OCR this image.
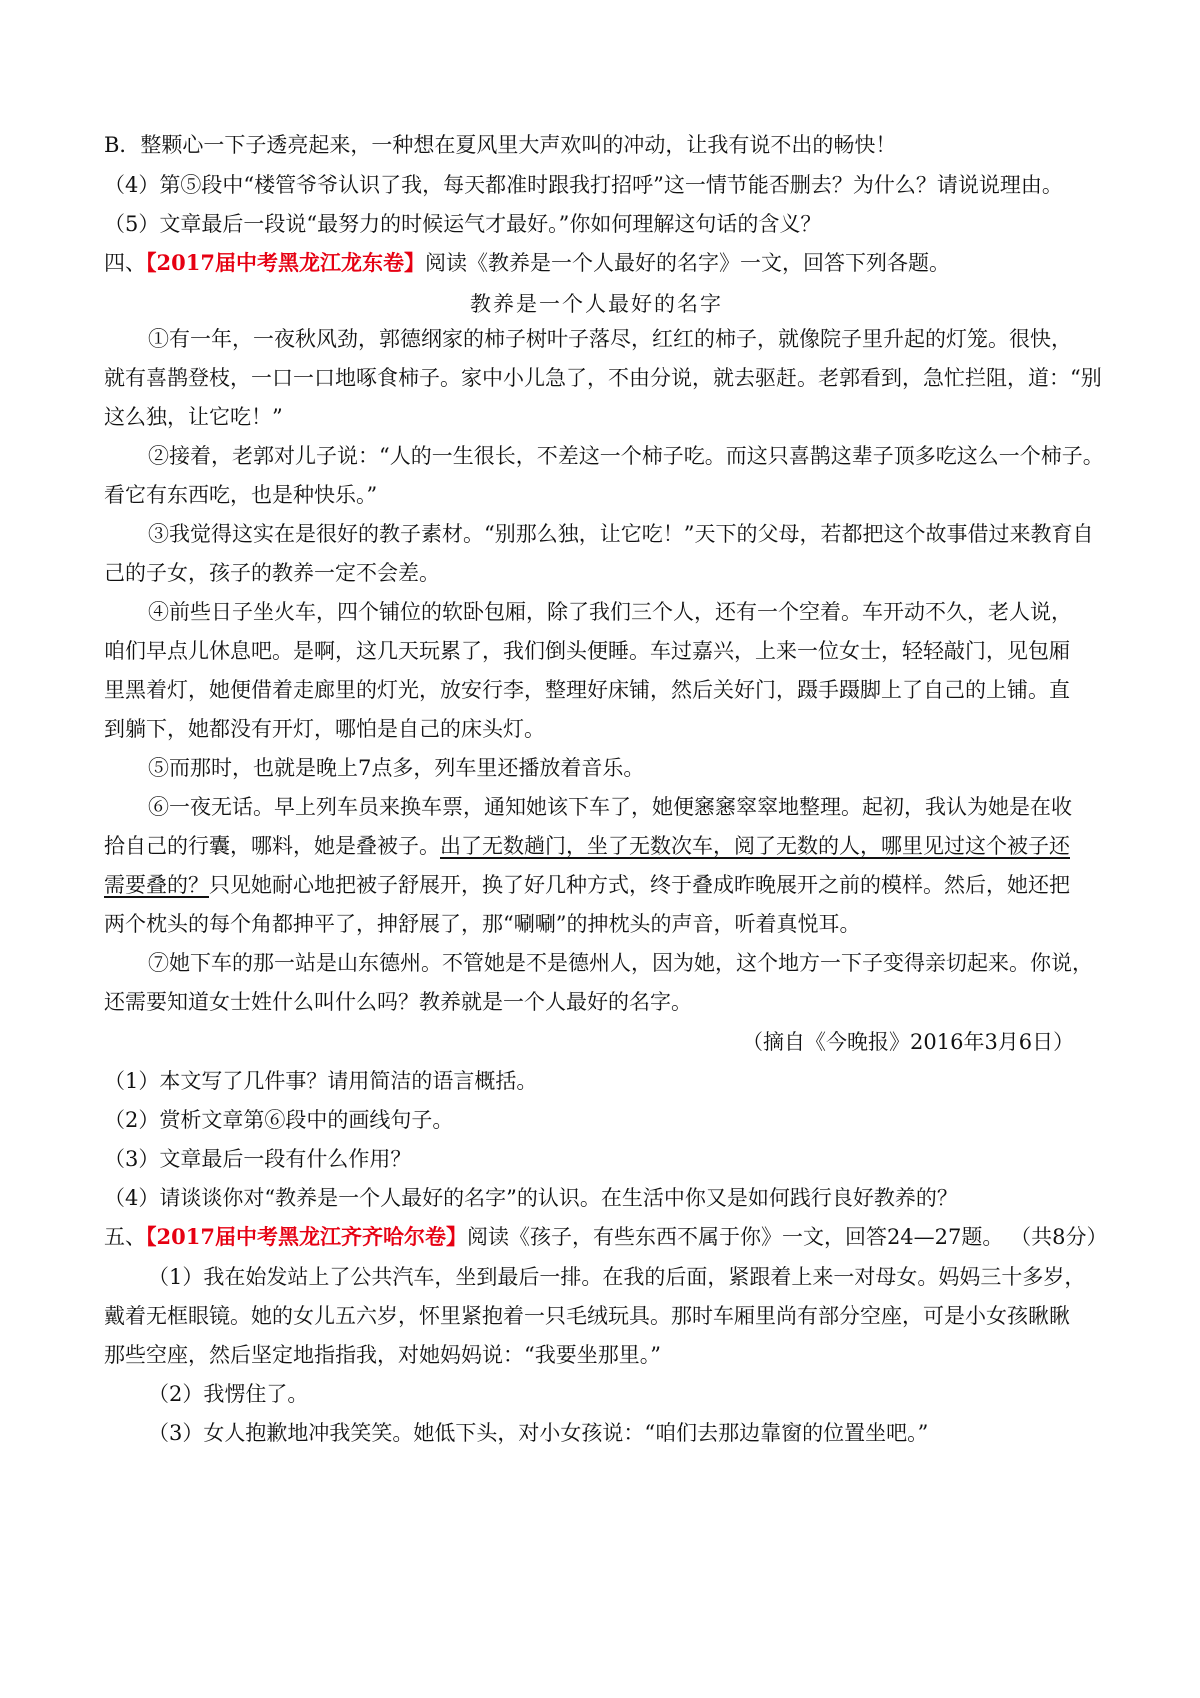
B．整颗心一下子透亮起来，一种想在夏风里大声欢叫的冲动，让我有说不出的畅快！
（4）第⑤段中“楼管爷爷认识了我，每天都准时跟我打招呼”这一情节能否删去？为什么？请说说理由。
（5）文章最后一段说“最努力的时候运气才最好。”你如何理解这句话的含义？
四、【2017届中考黑龙江龙东卷】阅读《教养是一个人最好的名字》一文，回答下列各题。
教养是一个人最好的名字
①有一年，一夜秋风劲，郭德纲家的柿子树叶子落尽，红红的柿子，就像院子里升起的灯笼。很快，
就有喜鹊登枝，一口一口地啄食柿子。家中小儿急了，不由分说，就去驱赶。老郭看到，急忙拦阻，道：“别
这么独，让它吃！”
②接着，老郭对儿子说：“人的一生很长，不差这一个柿子吃。而这只喜鹊这辈子顶多吃这么一个柿子。
看它有东西吃，也是种快乐。”
③我觉得这实在是很好的教子素材。“别那么独，让它吃！”天下的父母，若都把这个故事借过来教育自
己的子女，孩子的教养一定不会差。
④前些日子坐火车，四个铺位的软卧包厢，除了我们三个人，还有一个空着。车开动不久，老人说，
咱们早点儿休息吧。是啊，这几天玩累了，我们倒头便睡。车过嘉兴，上来一位女士，轻轻敲门，见包厢
里黑着灯，她便借着走廊里的灯光，放安行李，整理好床铺，然后关好门，蹑手蹑脚上了自己的上铺。直
到躺下，她都没有开灯，哪怕是自己的床头灯。
⑤而那时，也就是晚上7点多，列车里还播放着音乐。
⑥一夜无话。早上列车员来换车票，通知她该下车了，她便窸窸窣窣地整理。起初，我认为她是在收
拾自己的行囊，哪料，她是叠被子。出了无数趟门，坐了无数次车，阅了无数的人，哪里见过这个被子还
需要叠的？只见她耐心地把被子舒展开，换了好几种方式，终于叠成昨晚展开之前的模样。然后，她还把
两个枕头的每个角都抻平了，抻舒展了，那“唰唰”的抻枕头的声音，听着真悦耳。
⑦她下车的那一站是山东德州。不管她是不是德州人，因为她，这个地方一下子变得亲切起来。你说，
还需要知道女士姓什么叫什么吗？教养就是一个人最好的名字。
（摘自《今晚报》2016年3月6日）
（1）本文写了几件事？请用简洁的语言概括。
（2）赏析文章第⑥段中的画线句子。
（3）文章最后一段有什么作用？
（4）请谈谈你对“教养是一个人最好的名字”的认识。在生活中你又是如何践行良好教养的？
五、【2017届中考黑龙江齐齐哈尔卷】阅读《孩子，有些东西不属于你》一文，回答24—27题。 （共8分）
（1）我在始发站上了公共汽车，坐到最后一排。在我的后面，紧跟着上来一对母女。妈妈三十多岁，
戴着无框眼镜。她的女儿五六岁，怀里紧抱着一只毛绒玩具。那时车厢里尚有部分空座，可是小女孩瞅瞅
那些空座，然后坚定地指指我，对她妈妈说：“我要坐那里。”
（2）我愣住了。
（3）女人抱歉地冲我笑笑。她低下头，对小女孩说：“咱们去那边靠窗的位置坐吧。”
